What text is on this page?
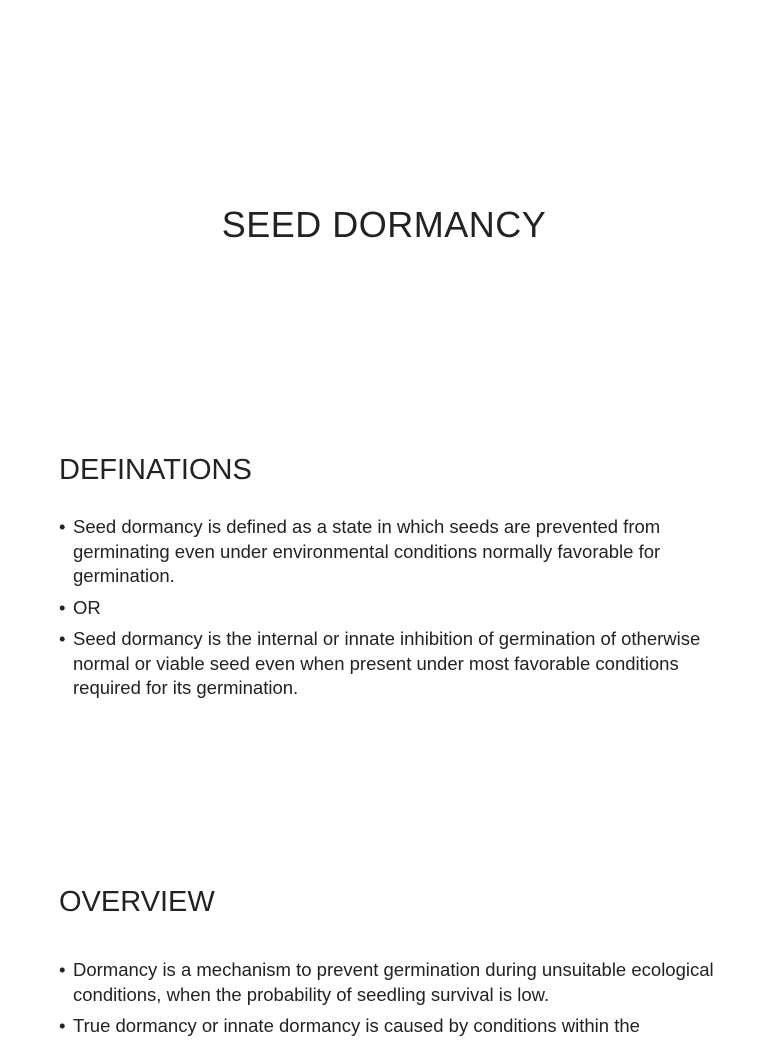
SEED DORMANCY
DEFINATIONS
• Seed dormancy is defined as a state in which seeds are prevented from germinating even under environmental conditions normally favorable for germination.
• OR
• Seed dormancy is the internal or innate inhibition of germination of otherwise normal or viable seed even when present under most favorable conditions required for its germination.
OVERVIEW
• Dormancy is a mechanism to prevent germination during unsuitable ecological conditions, when the probability of seedling survival is low.
• True dormancy or innate dormancy is caused by conditions within the
